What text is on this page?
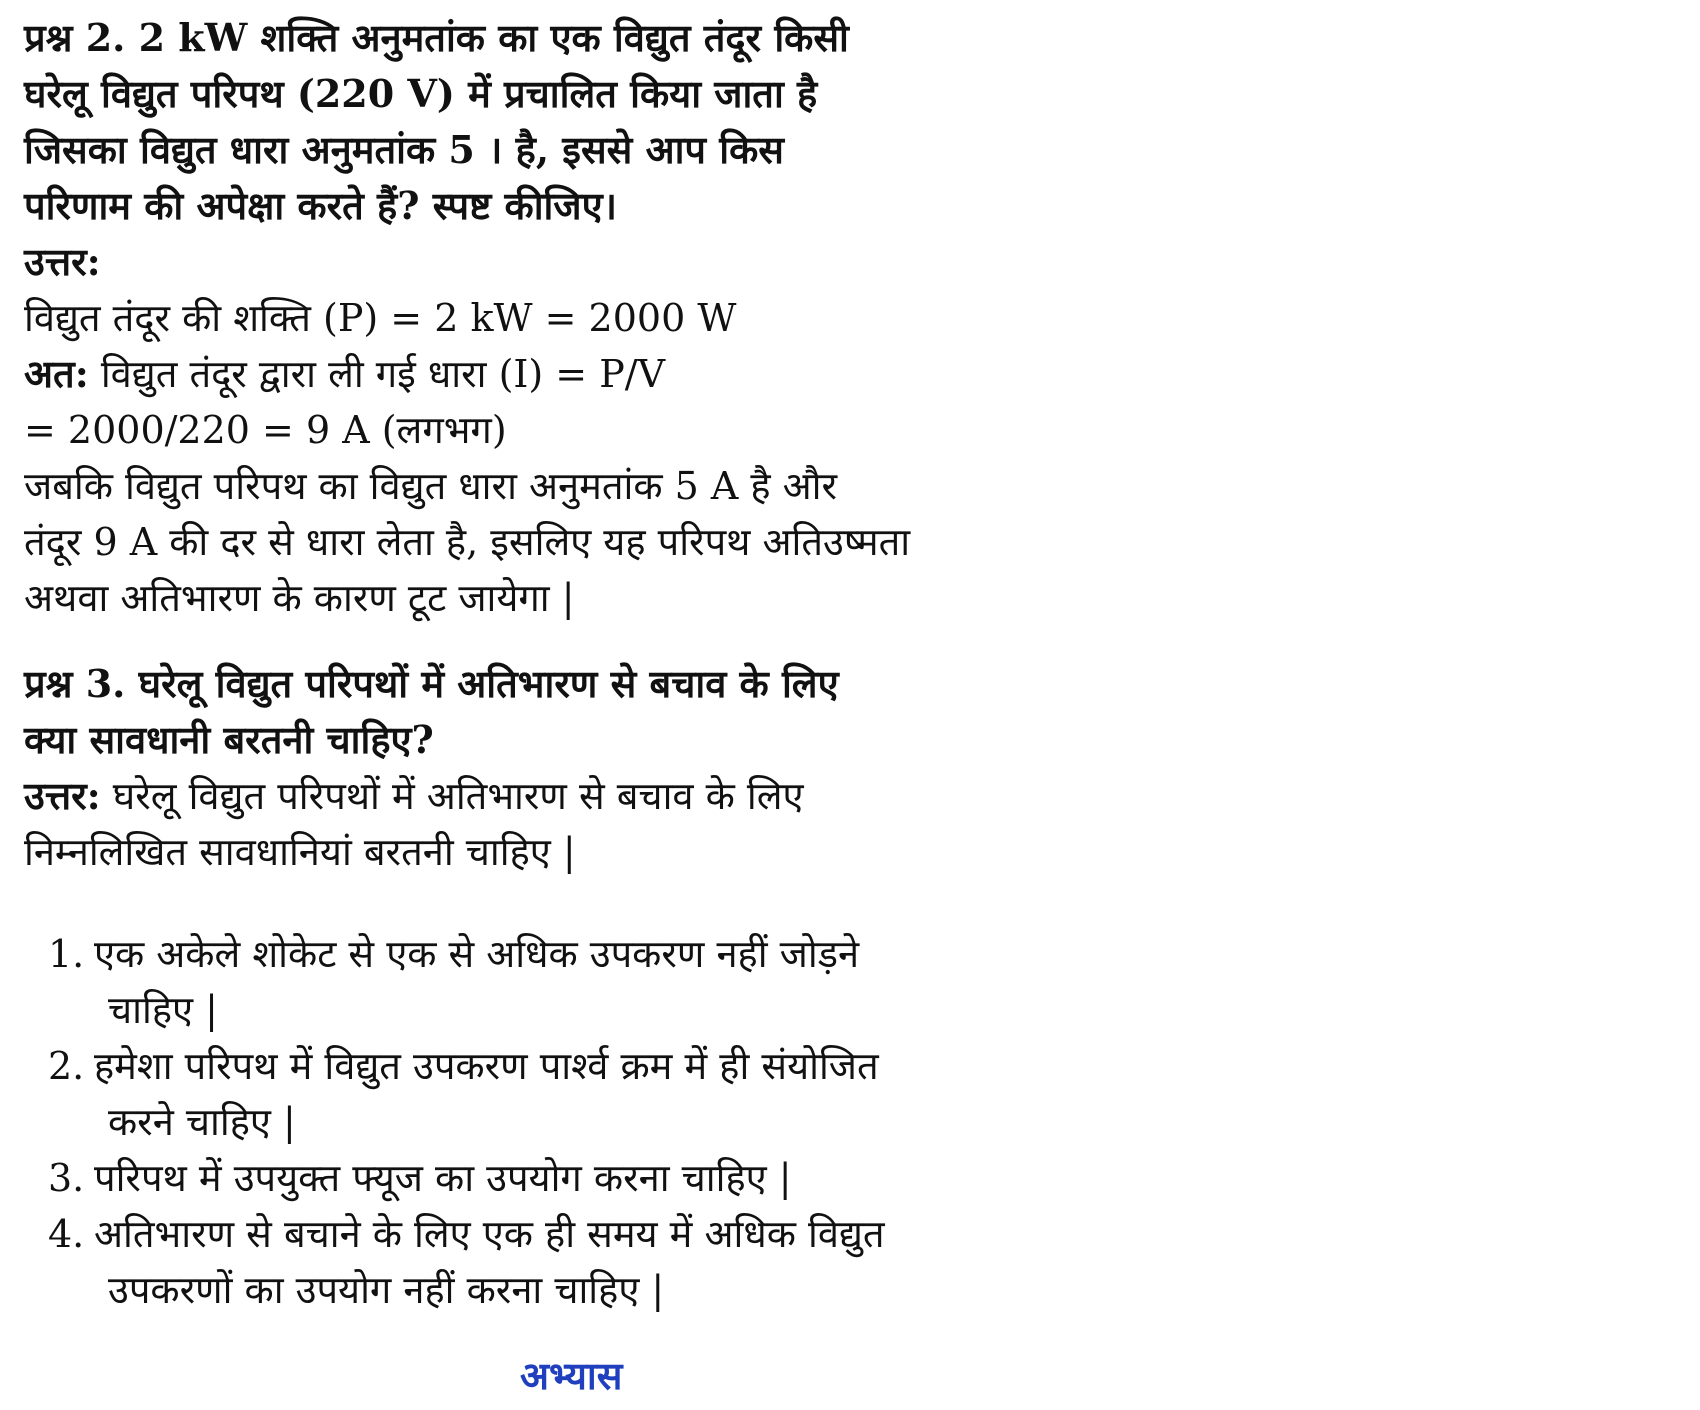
प्रश्न 2. 2 kW शक्ति अनुमतांक का एक विद्युत तंदूर किसी
घरेलू विद्युत परिपथ (220 V) में प्रचालित किया जाता है
जिसका विद्युत धारा अनुमतांक 5 । है, इससे आप किस
परिणाम की अपेक्षा करते हैं? स्पष्ट कीजिए।
उत्तर:
विद्युत तंदूर की शक्ति (P) = 2 kW = 2000 W
अत: विद्युत तंदूर द्वारा ली गई धारा (I) = P/V
= 2000/220 = 9 A (लगभग)
जबकि विद्युत परिपथ का विद्युत धारा अनुमतांक 5 A है और
तंदूर 9 A की दर से धारा लेता है, इसलिए यह परिपथ अतिउष्मता
अथवा अतिभारण के कारण टूट जायेगा |
प्रश्न 3. घरेलू विद्युत परिपथों में अतिभारण से बचाव के लिए
क्या सावधानी बरतनी चाहिए?
उत्तर: घरेलू विद्युत परिपथों में अतिभारण से बचाव के लिए
निम्नलिखित सावधानियां बरतनी चाहिए |
1. एक अकेले शोकेट से एक से अधिक उपकरण नहीं जोड़ने
चाहिए |
2. हमेशा परिपथ में विद्युत उपकरण पार्श्व क्रम में ही संयोजित
करने चाहिए |
3. परिपथ में उपयुक्त फ्यूज का उपयोग करना चाहिए |
4. अतिभारण से बचाने के लिए एक ही समय में अधिक विद्युत
उपकरणों का उपयोग नहीं करना चाहिए |
अभ्यास
